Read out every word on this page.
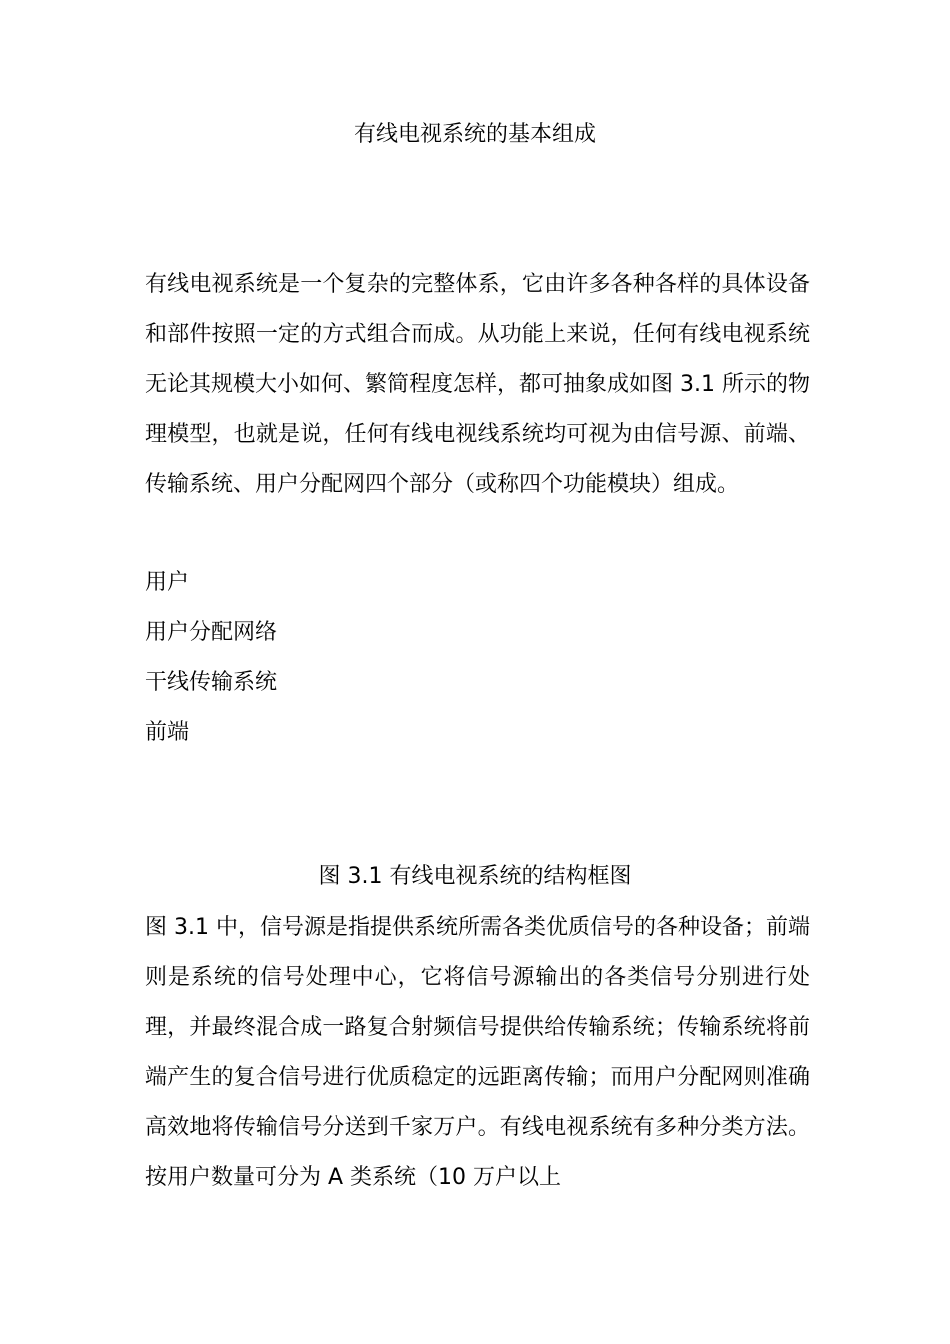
有线电视系统的基本组成

有线电视系统是一个复杂的完整体系，它由许多各种各样的具体设备和部件按照一定的方式组合而成。从功能上来说，任何有线电视系统无论其规模大小如何、繁简程度怎样，都可抽象成如图 3.1 所示的物理模型，也就是说，任何有线电视线系统均可视为由信号源、前端、传输系统、用户分配网四个部分（或称四个功能模块）组成。

用户
用户分配网络
干线传输系统
前端
图 3.1 有线电视系统的结构框图

图 3.1 中，信号源是指提供系统所需各类优质信号的各种设备；前端则是系统的信号处理中心，它将信号源输出的各类信号分别进行处理，并最终混合成一路复合射频信号提供给传输系统；传输系统将前端产生的复合信号进行优质稳定的远距离传输；而用户分配网则准确高效地将传输信号分送到千家万户。有线电视系统有多种分类方法。按用户数量可分为 A 类系统（10 万户以上
